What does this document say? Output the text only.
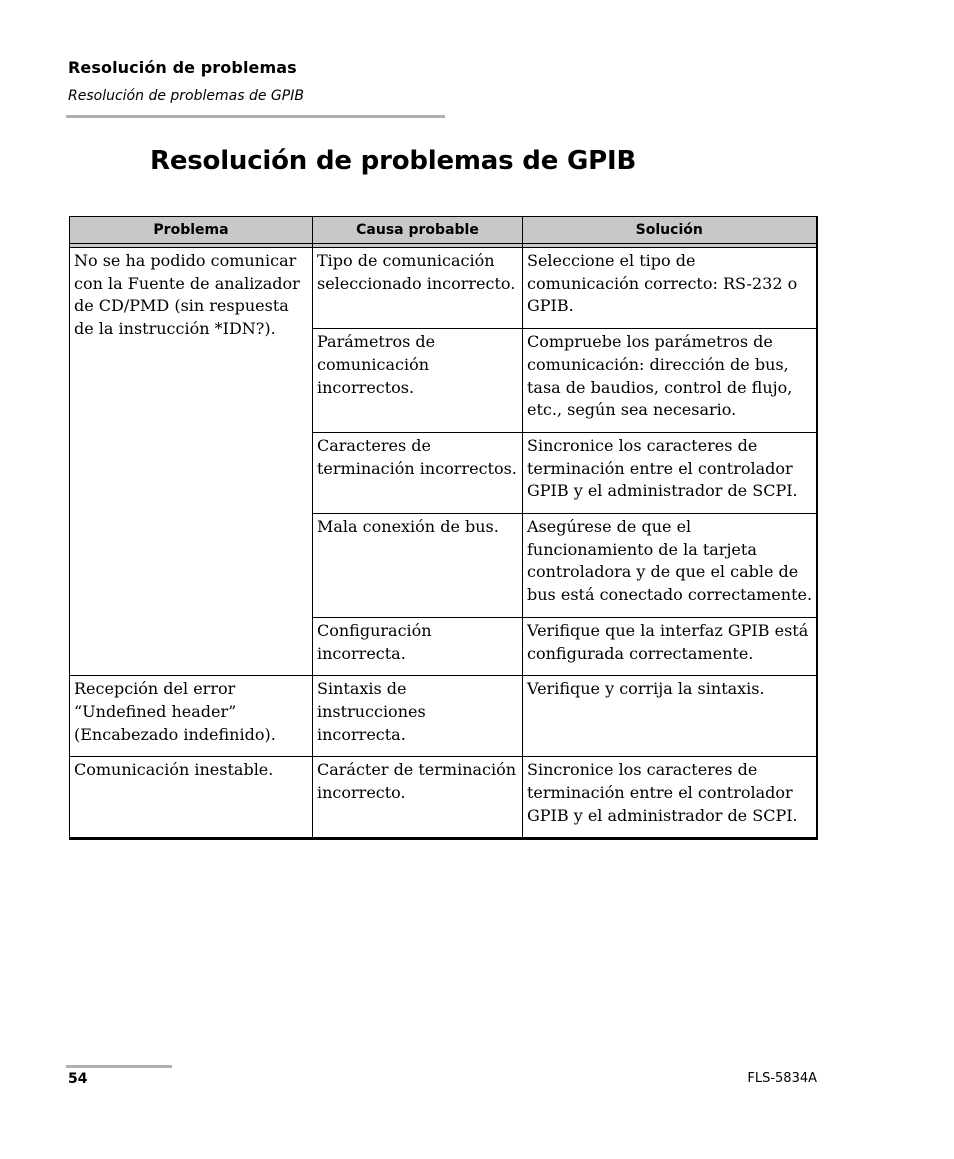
Resolución de problemas
Resolución de problemas de GPIB
Resolución de problemas de GPIB
Problema	Causa probable	Solución

No se ha podido comunicar con la Fuente de analizador de CD/PMD (sin respuesta de la instrucción *IDN?).	Tipo de comunicación seleccionado incorrecto.	Seleccione el tipo de comunicación correcto: RS-232 o GPIB.
	Parámetros de comunicación incorrectos.	Compruebe los parámetros de comunicación: dirección de bus, tasa de baudios, control de flujo, etc., según sea necesario.
	Caracteres de terminación incorrectos.	Sincronice los caracteres de terminación entre el controlador GPIB y el administrador de SCPI.
	Mala conexión de bus.	Asegúrese de que el funcionamiento de la tarjeta controladora y de que el cable de bus está conectado correctamente.
	Configuración incorrecta.	Verifique que la interfaz GPIB está configurada correctamente.
Recepción del error “Undefined header” (Encabezado indefinido).	Sintaxis de instrucciones incorrecta.	Verifique y corrija la sintaxis.
Comunicación inestable.	Carácter de terminación incorrecto.	Sincronice los caracteres de terminación entre el controlador GPIB y el administrador de SCPI.
54	FLS-5834A
